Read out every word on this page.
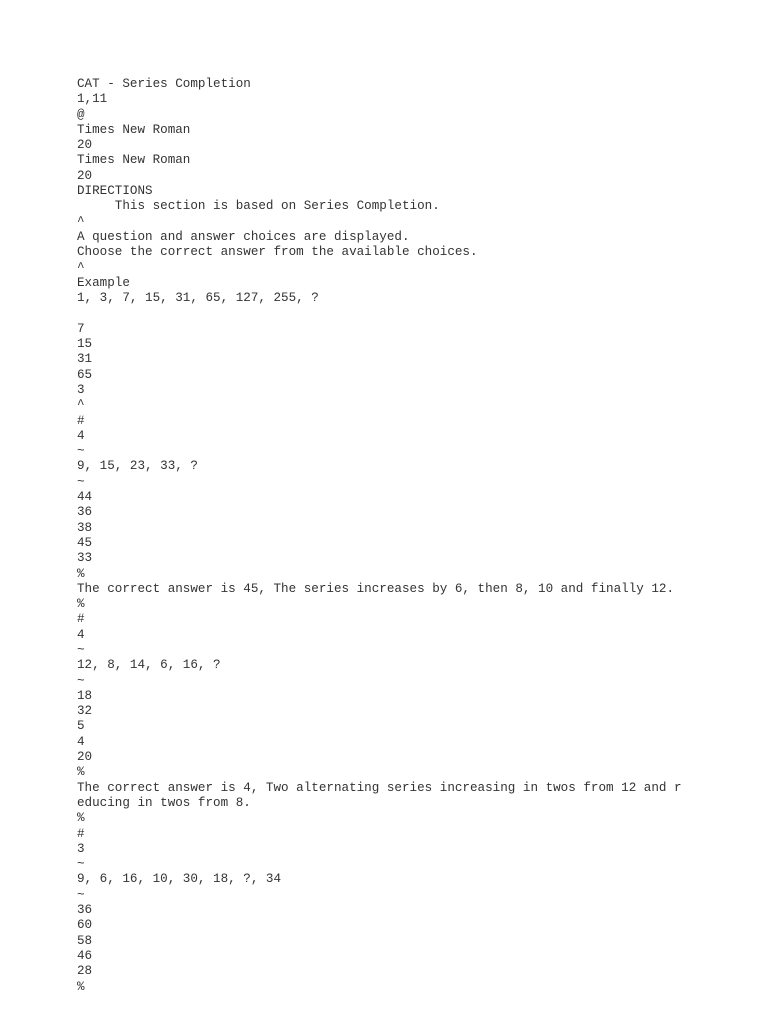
CAT - Series Completion
1,11
@
Times New Roman
20
Times New Roman
20
DIRECTIONS
This section is based on Series Completion.
^
A question and answer choices are displayed.
Choose the correct answer from the available choices.
^
Example
1, 3, 7, 15, 31, 65, 127, 255, ?
7
15
31
65
3
^
#
4
~
9, 15, 23, 33, ?
~
44
36
38
45
33
%
The correct answer is 45, The series increases by 6, then 8, 10 and finally 12.
%
#
4
~
12, 8, 14, 6, 16, ?
~
18
32
5
4
20
%
The correct answer is 4, Two alternating series increasing in twos from 12 and r
educing in twos from 8.
%
#
3
~
9, 6, 16, 10, 30, 18, ?, 34
~
36
60
58
46
28
%
